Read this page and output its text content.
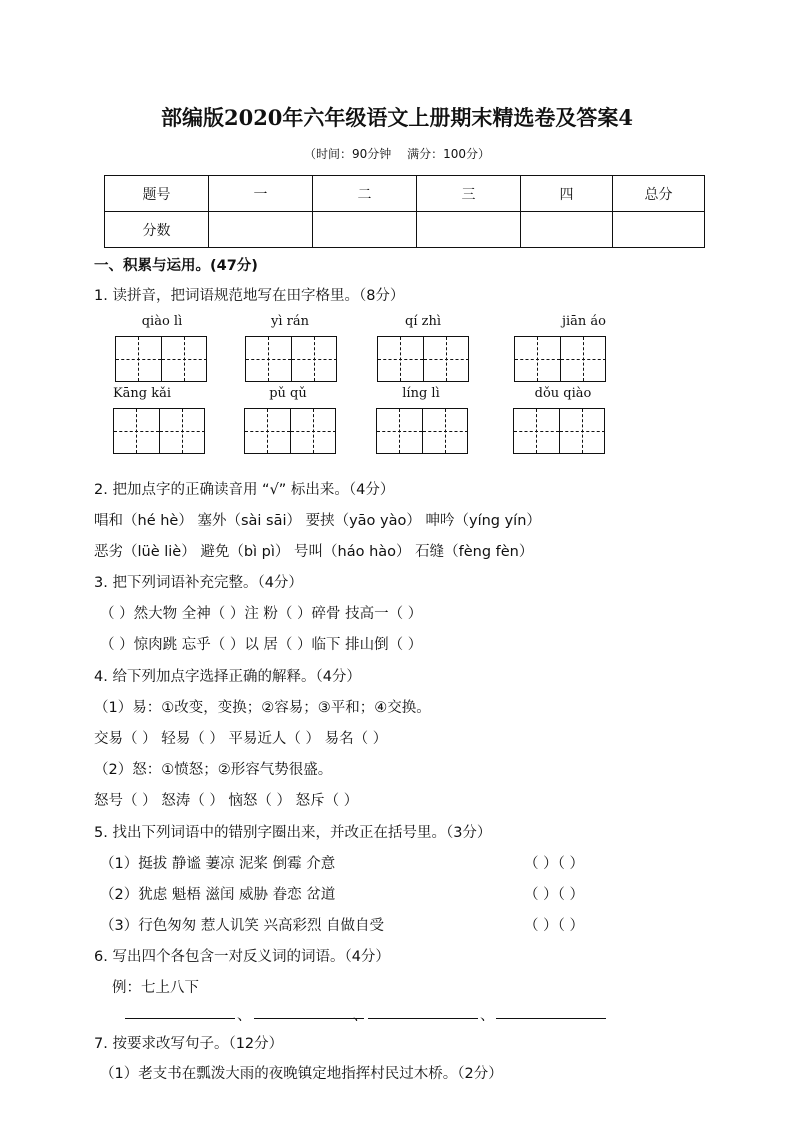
部编版2020年六年级语文上册期末精选卷及答案4
（时间：90分钟　 满分：100分）
题号	一	二	三	四	总分
分数					
一、积累与运用。(47分)
1. 读拼音，把词语规范地写在田字格里。（8分）
qiào lì	yì rán	qí zhì	jiān áo
Kāng kǎi	pǔ qǔ	líng lì	dǒu qiào
2. 把加点字的正确读音用 “√” 标出来。（4分）
唱和（hé hè） 塞外（sài sāi） 要挟（yāo yào） 呻吟（yíng yín）
恶劣（lüè liè） 避免（bì pì） 号叫（háo hào） 石缝（fèng fèn）
3. 把下列词语补充完整。（4分）
（ ）然大物 全神（ ）注 粉（ ）碎骨 技高一（ ）
（ ）惊肉跳 忘乎（ ）以 居（ ）临下 排山倒（ ）
4. 给下列加点字选择正确的解释。（4分）
（1）易：①改变，变换；②容易；③平和；④交换。
交易（ ） 轻易（ ） 平易近人（ ） 易名（ ）
（2）怒：①愤怒；②形容气势很盛。
怒号（ ） 怒涛（ ） 恼怒（ ） 怒斥（ ）
5. 找出下列词语中的错别字圈出来，并改正在括号里。（3分）
（1）挺拔 静谧 萋凉 泥桨 倒霉 介意	（ ）（ ）
（2）犹虑 魁梧 滋闰 威胁 眷恋 岔道	（ ）（ ）
（3）行色匆匆 惹人讥笑 兴高彩烈 自做自受	（ ）（ ）
6. 写出四个各包含一对反义词的词语。（4分）
例：七上八下
、	、
、
7. 按要求改写句子。（12分）
（1）老支书在瓢泼大雨的夜晚镇定地指挥村民过木桥。（2分）
